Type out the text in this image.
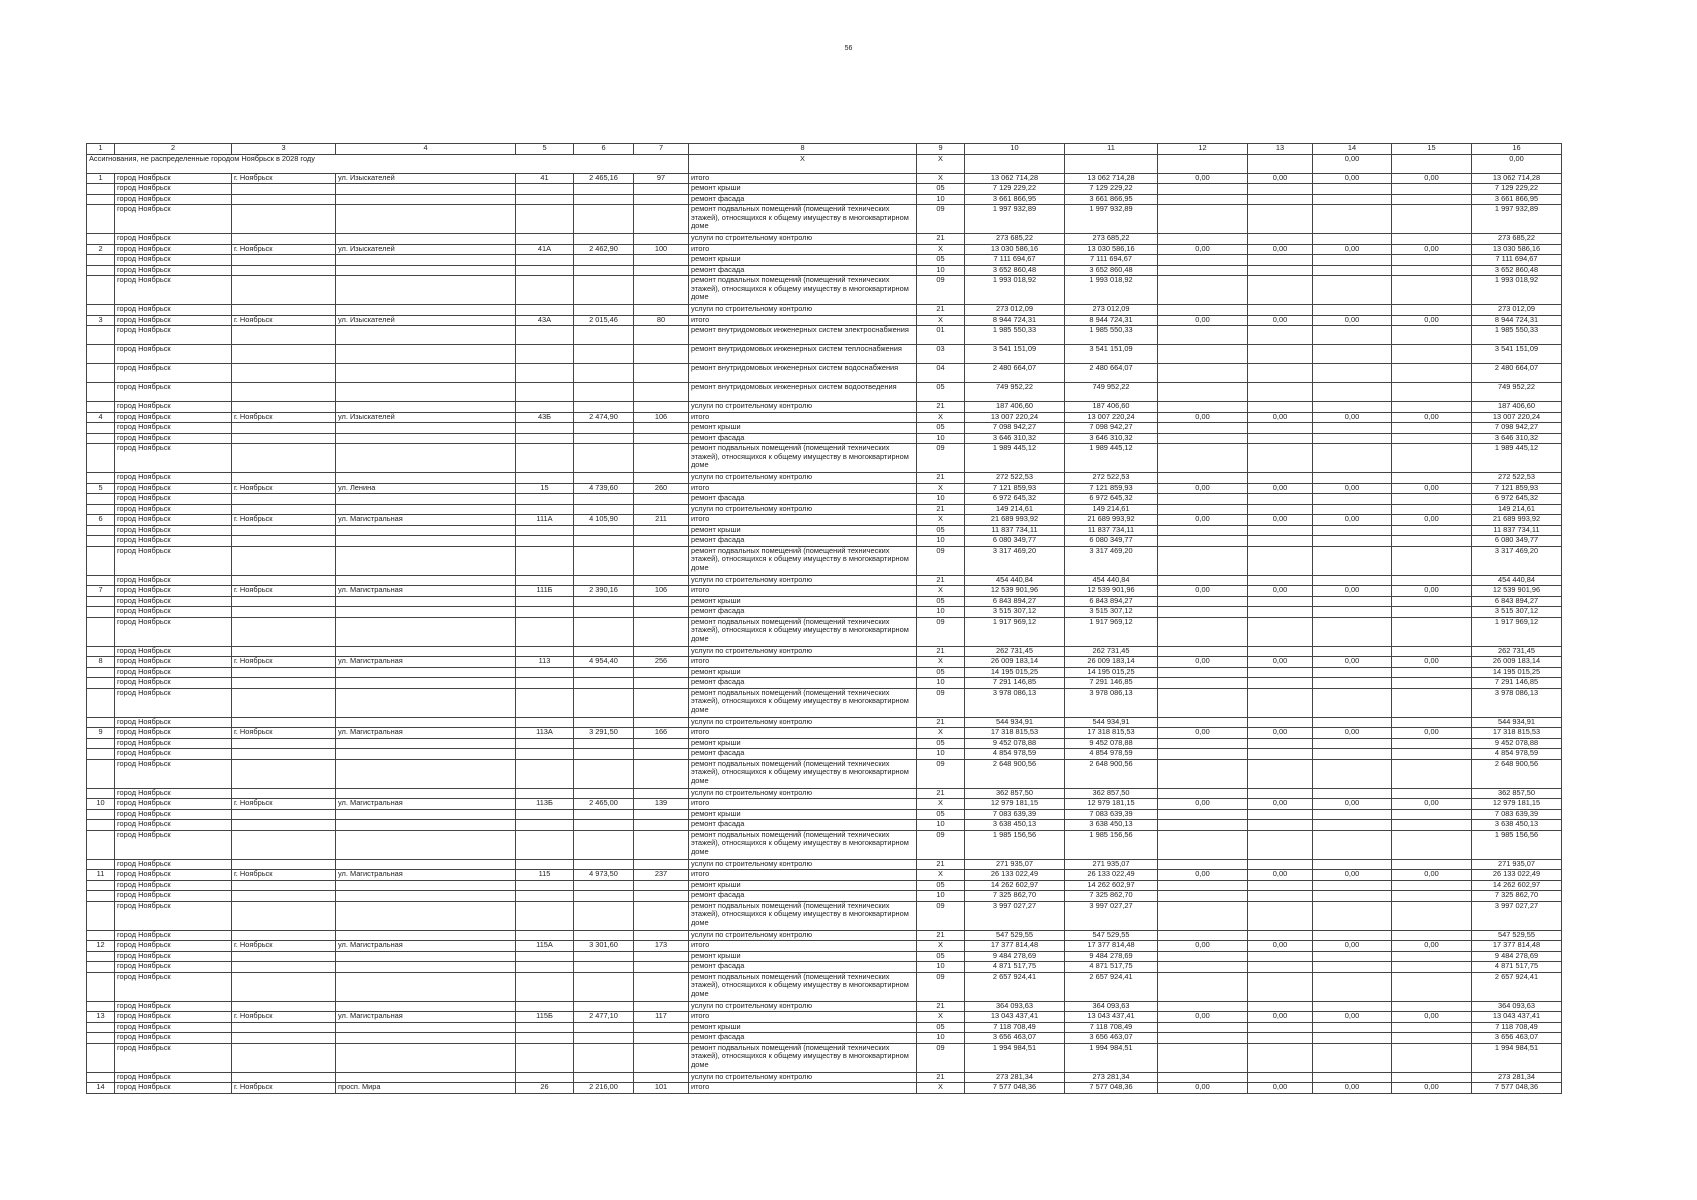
56
1	2	3	4	5	6	7	8	9	10	11	12	13	14	15	16
Ассигнования, не распределенные городом Ноябрьск в 2028 году							X	X					0,00		0,00
1	город Ноябрьск	г. Ноябрьск	ул. Изыскателей	41	2 465,16	97	итого	X	13 062 714,28	13 062 714,28	0,00	0,00	0,00	0,00	13 062 714,28
	город Ноябрьск						ремонт крыши	05	7 129 229,22	7 129 229,22					7 129 229,22
	город Ноябрьск						ремонт фасада	10	3 661 866,95	3 661 866,95					3 661 866,95
	город Ноябрьск						ремонт подвальных помещений (помещений технических этажей), относящихся к общему имуществу в многоквартирном доме	09	1 997 932,89	1 997 932,89					1 997 932,89
	город Ноябрьск						услуги по строительному контролю	21	273 685,22	273 685,22					273 685,22
2	город Ноябрьск	г. Ноябрьск	ул. Изыскателей	41А	2 462,90	100	итого	X	13 030 586,16	13 030 586,16	0,00	0,00	0,00	0,00	13 030 586,16
	город Ноябрьск						ремонт крыши	05	7 111 694,67	7 111 694,67					7 111 694,67
	город Ноябрьск						ремонт фасада	10	3 652 860,48	3 652 860,48					3 652 860,48
	город Ноябрьск						ремонт подвальных помещений (помещений технических этажей), относящихся к общему имуществу в многоквартирном доме	09	1 993 018,92	1 993 018,92					1 993 018,92
	город Ноябрьск						услуги по строительному контролю	21	273 012,09	273 012,09					273 012,09
3	город Ноябрьск	г. Ноябрьск	ул. Изыскателей	43А	2 015,46	80	итого	X	8 944 724,31	8 944 724,31	0,00	0,00	0,00	0,00	8 944 724,31
	город Ноябрьск						ремонт внутридомовых инженерных систем электроснабжения	01	1 985 550,33	1 985 550,33					1 985 550,33
	город Ноябрьск						ремонт внутридомовых инженерных систем теплоснабжения	03	3 541 151,09	3 541 151,09					3 541 151,09
	город Ноябрьск						ремонт внутридомовых инженерных систем водоснабжения	04	2 480 664,07	2 480 664,07					2 480 664,07
	город Ноябрьск						ремонт внутридомовых инженерных систем водоотведения	05	749 952,22	749 952,22					749 952,22
	город Ноябрьск						услуги по строительному контролю	21	187 406,60	187 406,60					187 406,60
4	город Ноябрьск	г. Ноябрьск	ул. Изыскателей	43Б	2 474,90	106	итого	X	13 007 220,24	13 007 220,24	0,00	0,00	0,00	0,00	13 007 220,24
	город Ноябрьск						ремонт крыши	05	7 098 942,27	7 098 942,27					7 098 942,27
	город Ноябрьск						ремонт фасада	10	3 646 310,32	3 646 310,32					3 646 310,32
	город Ноябрьск						ремонт подвальных помещений (помещений технических этажей), относящихся к общему имуществу в многоквартирном доме	09	1 989 445,12	1 989 445,12					1 989 445,12
	город Ноябрьск						услуги по строительному контролю	21	272 522,53	272 522,53					272 522,53
5	город Ноябрьск	г. Ноябрьск	ул. Ленина	15	4 739,60	260	итого	X	7 121 859,93	7 121 859,93	0,00	0,00	0,00	0,00	7 121 859,93
	город Ноябрьск						ремонт фасада	10	6 972 645,32	6 972 645,32					6 972 645,32
	город Ноябрьск						услуги по строительному контролю	21	149 214,61	149 214,61					149 214,61
6	город Ноябрьск	г. Ноябрьск	ул. Магистральная	111А	4 105,90	211	итого	X	21 689 993,92	21 689 993,92	0,00	0,00	0,00	0,00	21 689 993,92
	город Ноябрьск						ремонт крыши	05	11 837 734,11	11 837 734,11					11 837 734,11
	город Ноябрьск						ремонт фасада	10	6 080 349,77	6 080 349,77					6 080 349,77
	город Ноябрьск						ремонт подвальных помещений (помещений технических этажей), относящихся к общему имуществу в многоквартирном доме	09	3 317 469,20	3 317 469,20					3 317 469,20
	город Ноябрьск						услуги по строительному контролю	21	454 440,84	454 440,84					454 440,84
7	город Ноябрьск	г. Ноябрьск	ул. Магистральная	111Б	2 390,16	106	итого	X	12 539 901,96	12 539 901,96	0,00	0,00	0,00	0,00	12 539 901,96
	город Ноябрьск						ремонт крыши	05	6 843 894,27	6 843 894,27					6 843 894,27
	город Ноябрьск						ремонт фасада	10	3 515 307,12	3 515 307,12					3 515 307,12
	город Ноябрьск						ремонт подвальных помещений (помещений технических этажей), относящихся к общему имуществу в многоквартирном доме	09	1 917 969,12	1 917 969,12					1 917 969,12
	город Ноябрьск						услуги по строительному контролю	21	262 731,45	262 731,45					262 731,45
8	город Ноябрьск	г. Ноябрьск	ул. Магистральная	113	4 954,40	256	итого	X	26 009 183,14	26 009 183,14	0,00	0,00	0,00	0,00	26 009 183,14
	город Ноябрьск						ремонт крыши	05	14 195 015,25	14 195 015,25					14 195 015,25
	город Ноябрьск						ремонт фасада	10	7 291 146,85	7 291 146,85					7 291 146,85
	город Ноябрьск						ремонт подвальных помещений (помещений технических этажей), относящихся к общему имуществу в многоквартирном доме	09	3 978 086,13	3 978 086,13					3 978 086,13
	город Ноябрьск						услуги по строительному контролю	21	544 934,91	544 934,91					544 934,91
9	город Ноябрьск	г. Ноябрьск	ул. Магистральная	113А	3 291,50	166	итого	X	17 318 815,53	17 318 815,53	0,00	0,00	0,00	0,00	17 318 815,53
	город Ноябрьск						ремонт крыши	05	9 452 078,88	9 452 078,88					9 452 078,88
	город Ноябрьск						ремонт фасада	10	4 854 978,59	4 854 978,59					4 854 978,59
	город Ноябрьск						ремонт подвальных помещений (помещений технических этажей), относящихся к общему имуществу в многоквартирном доме	09	2 648 900,56	2 648 900,56					2 648 900,56
	город Ноябрьск						услуги по строительному контролю	21	362 857,50	362 857,50					362 857,50
10	город Ноябрьск	г. Ноябрьск	ул. Магистральная	113Б	2 465,00	139	итого	X	12 979 181,15	12 979 181,15	0,00	0,00	0,00	0,00	12 979 181,15
	город Ноябрьск						ремонт крыши	05	7 083 639,39	7 083 639,39					7 083 639,39
	город Ноябрьск						ремонт фасада	10	3 638 450,13	3 638 450,13					3 638 450,13
	город Ноябрьск						ремонт подвальных помещений (помещений технических этажей), относящихся к общему имуществу в многоквартирном доме	09	1 985 156,56	1 985 156,56					1 985 156,56
	город Ноябрьск						услуги по строительному контролю	21	271 935,07	271 935,07					271 935,07
11	город Ноябрьск	г. Ноябрьск	ул. Магистральная	115	4 973,50	237	итого	X	26 133 022,49	26 133 022,49	0,00	0,00	0,00	0,00	26 133 022,49
	город Ноябрьск						ремонт крыши	05	14 262 602,97	14 262 602,97					14 262 602,97
	город Ноябрьск						ремонт фасада	10	7 325 862,70	7 325 862,70					7 325 862,70
	город Ноябрьск						ремонт подвальных помещений (помещений технических этажей), относящихся к общему имуществу в многоквартирном доме	09	3 997 027,27	3 997 027,27					3 997 027,27
	город Ноябрьск						услуги по строительному контролю	21	547 529,55	547 529,55					547 529,55
12	город Ноябрьск	г. Ноябрьск	ул. Магистральная	115А	3 301,60	173	итого	X	17 377 814,48	17 377 814,48	0,00	0,00	0,00	0,00	17 377 814,48
	город Ноябрьск						ремонт крыши	05	9 484 278,69	9 484 278,69					9 484 278,69
	город Ноябрьск						ремонт фасада	10	4 871 517,75	4 871 517,75					4 871 517,75
	город Ноябрьск						ремонт подвальных помещений (помещений технических этажей), относящихся к общему имуществу в многоквартирном доме	09	2 657 924,41	2 657 924,41					2 657 924,41
	город Ноябрьск						услуги по строительному контролю	21	364 093,63	364 093,63					364 093,63
13	город Ноябрьск	г. Ноябрьск	ул. Магистральная	115Б	2 477,10	117	итого	X	13 043 437,41	13 043 437,41	0,00	0,00	0,00	0,00	13 043 437,41
	город Ноябрьск						ремонт крыши	05	7 118 708,49	7 118 708,49					7 118 708,49
	город Ноябрьск						ремонт фасада	10	3 656 463,07	3 656 463,07					3 656 463,07
	город Ноябрьск						ремонт подвальных помещений (помещений технических этажей), относящихся к общему имуществу в многоквартирном доме	09	1 994 984,51	1 994 984,51					1 994 984,51
	город Ноябрьск						услуги по строительному контролю	21	273 281,34	273 281,34					273 281,34
14	город Ноябрьск	г. Ноябрьск	просп. Мира	26	2 216,00	101	итого	X	7 577 048,36	7 577 048,36	0,00	0,00	0,00	0,00	7 577 048,36
